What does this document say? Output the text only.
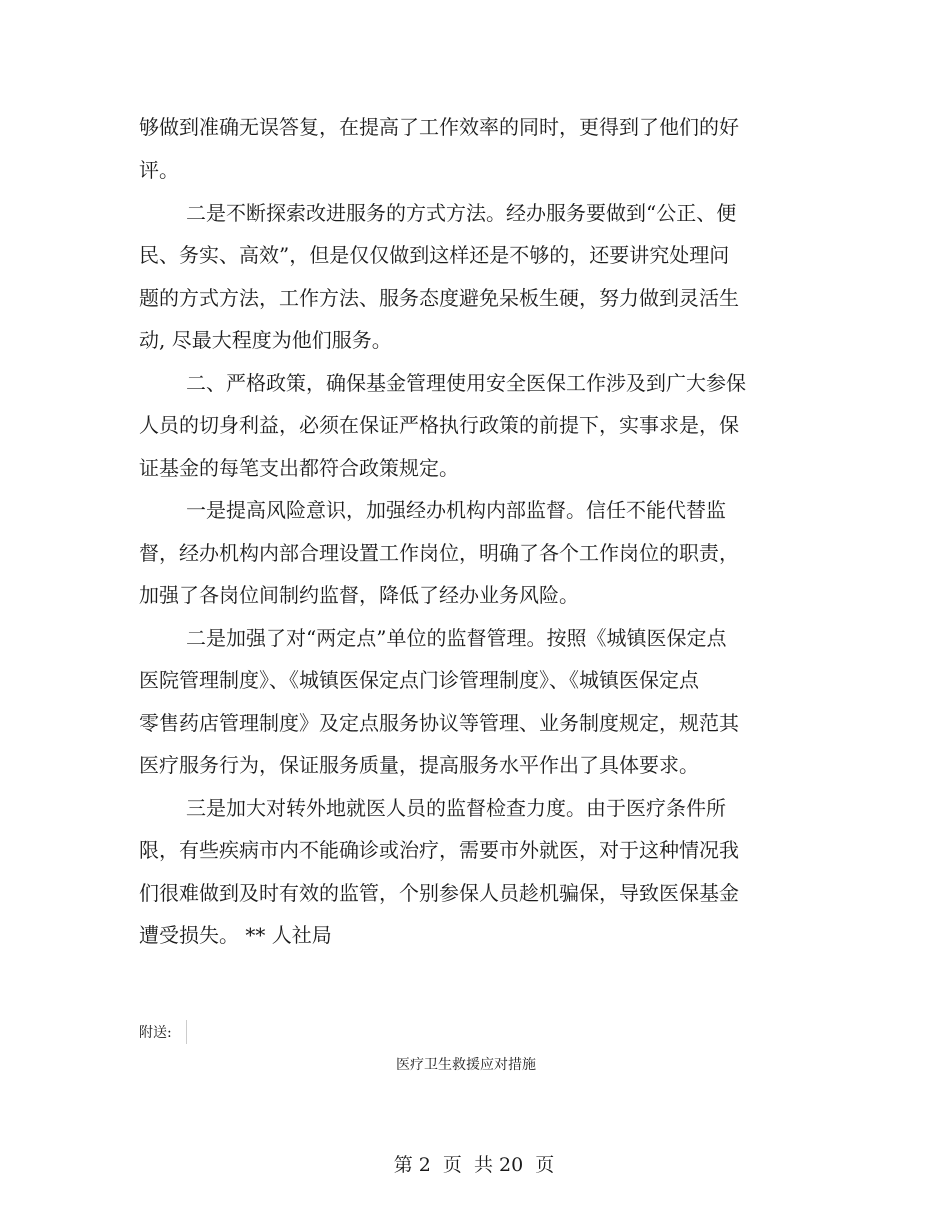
够做到准确无误答复，在提高了工作效率的同时，更得到了他们的好
评。
二是不断探索改进服务的方式方法。经办服务要做到“公正、便
民、务实、高效”，但是仅仅做到这样还是不够的，还要讲究处理问
题的方式方法，工作方法、服务态度避免呆板生硬，努力做到灵活生
动, 尽最大程度为他们服务。
二、严格政策，确保基金管理使用安全医保工作涉及到广大参保
人员的切身利益，必须在保证严格执行政策的前提下，实事求是，保
证基金的每笔支出都符合政策规定。
一是提高风险意识，加强经办机构内部监督。信任不能代替监
督，经办机构内部合理设置工作岗位，明确了各个工作岗位的职责，
加强了各岗位间制约监督，降低了经办业务风险。
二是加强了对“两定点”单位的监督管理。按照《城镇医保定点
医院管理制度》、《城镇医保定点门诊管理制度》、《城镇医保定点
零售药店管理制度》及定点服务协议等管理、业务制度规定，规范其
医疗服务行为，保证服务质量，提高服务水平作出了具体要求。
三是加大对转外地就医人员的监督检查力度。由于医疗条件所
限，有些疾病市内不能确诊或治疗，需要市外就医，对于这种情况我
们很难做到及时有效的监管，个别参保人员趁机骗保，导致医保基金
遭受损失。 ** 人社局
附送:
医疗卫生救援应对措施
第 2  页  共 20  页
